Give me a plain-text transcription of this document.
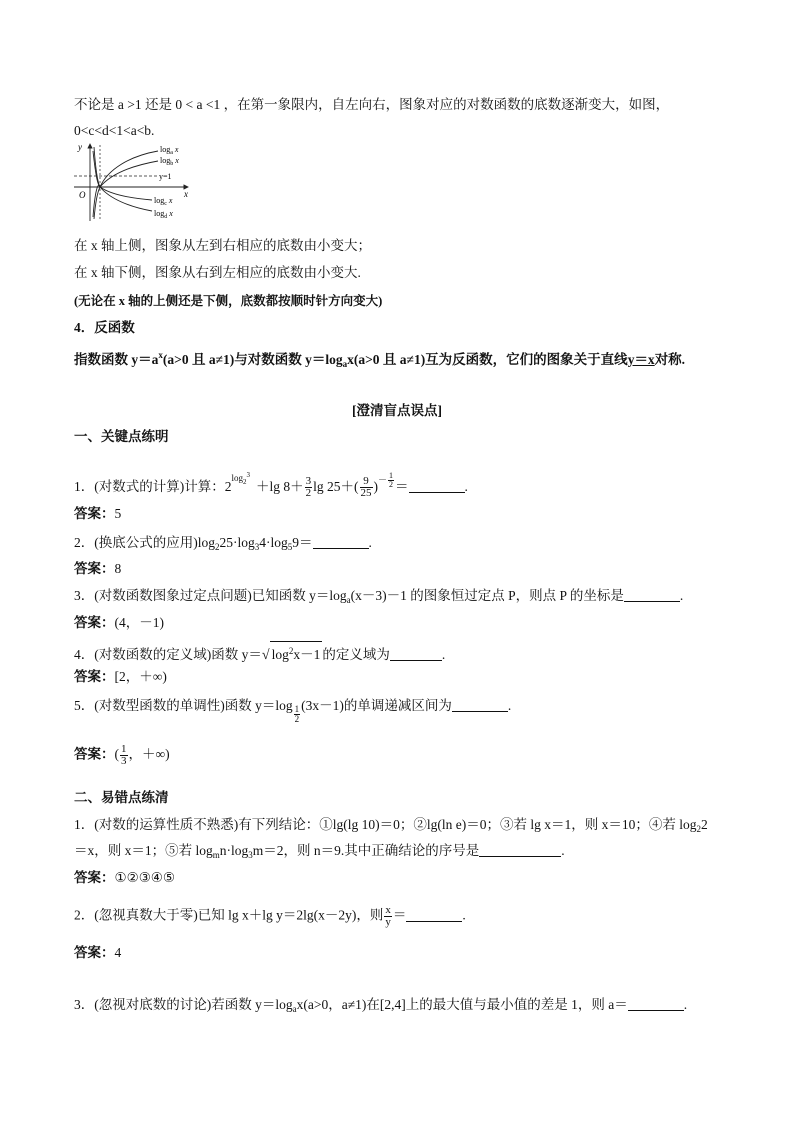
不论是 a >1 还是 0 < a <1 ，在第一象限内，自左向右，图象对应的对数函数的底数逐渐变大，如图，
0<c<d<1<a<b.
y
x
O
$\log_a x$
$\log_b x$
y=1
$\log_c x$
$\log_d x$
在 x 轴上侧，图象从左到右相应的底数由小变大；
在 x 轴下侧，图象从右到左相应的底数由小变大.
(无论在 x 轴的上侧还是下侧，底数都按顺时针方向变大)
4．反函数
指数函数 $y=a^x(a>0$ 且 a≠1)与对数函数 $y=\log_ax(a>0$ 且 a≠1)互为反函数，它们的图象关于直线y＝x对称.
[澄清盲点误点]
一、关键点练明
1．(对数式的计算)计算：$2\log_2^3+\lg$ $8+ \frac{3}{2}$ $\lg 25+( \frac{9}{25}$ )－ $\frac{1}{2}$ ＝	.
答案：5
2．(换底公式的应用)$\log_225\cdot\log_34\cdot\log_59=$	.
答案：8
3．(对数函数图象过定点问题)已知函数 $y=\log_a(x-3)-1$ 的图象恒过定点 P，则点 P 的坐标是	.
答案：(4，－1)
4．(对数函数的定义域)函数 y＝√ $\log^2x-1$ 的定义域为	.
答案：[2，＋∞)
5．(对数型函数的单调性)函数 $y=\log \frac{1}{2} (3x-1)$的单调递减区间为	.
答案：( $\frac{1}{3}$ ，＋∞)
二、易错点练清
1．(对数的运算性质不熟悉)有下列结论：①lg(lg 10)＝0；②lg(ln e)＝0；③若 lg x＝1，则 x＝10；④若 $\log_22$
＝x，则 x＝1；⑤若 $\log_mn\cdot\log_3m=2$，则 n＝9.其中正确结论的序号是	.
答案：①②③④⑤
2．(忽视真数大于零)已知 lg x＋lg y＝2lg(x－2y)，则 $\frac{x}{y}$ ＝	.
答案：4
3．(忽视对底数的讨论)若函数 $y=\log_ax(a>0$，a≠1)在[2,4]上的最大值与最小值的差是 1，则 a＝	.
